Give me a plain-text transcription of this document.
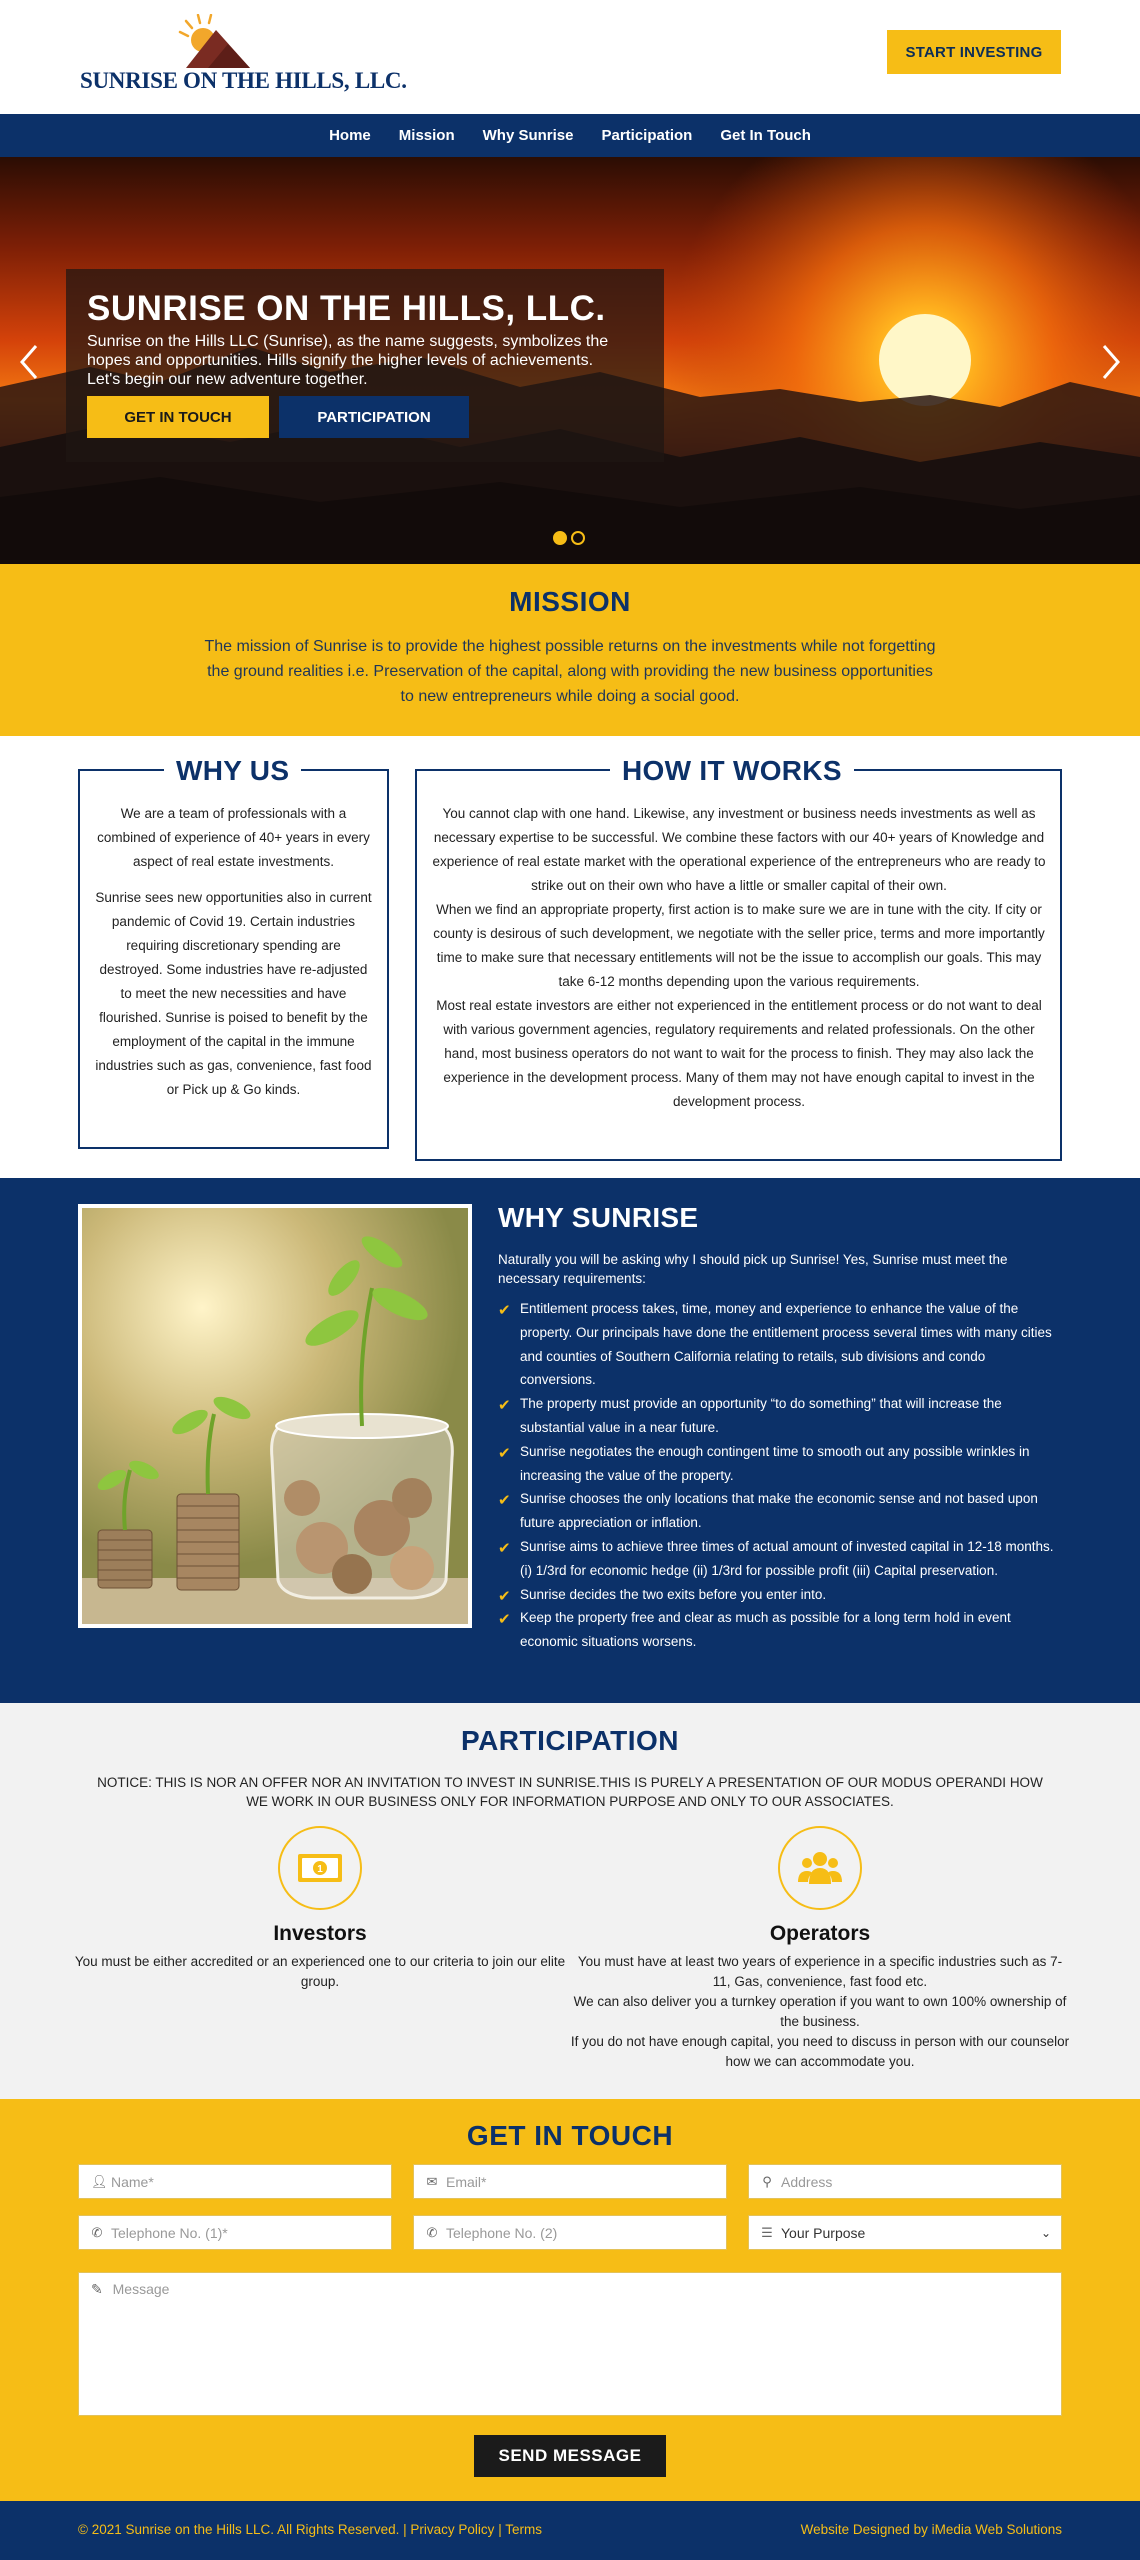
SUNRISE ON THE HILLS, LLC.
START INVESTING
Home	Mission	Why Sunrise	Participation	Get In Touch
SUNRISE ON THE HILLS, LLC.
Sunrise on the Hills LLC (Sunrise), as the name suggests, symbolizes the hopes and opportunities. Hills signify the higher levels of achievements. Let's begin our new adventure together.
GET IN TOUCH	PARTICIPATION
MISSION

The mission of Sunrise is to provide the highest possible returns on the investments while not forgetting the ground realities i.e. Preservation of the capital, along with providing the new business opportunities to new entrepreneurs while doing a social good.

WHY US

We are a team of professionals with a combined of experience of 40+ years in every aspect of real estate investments.

Sunrise sees new opportunities also in current pandemic of Covid 19. Certain industries requiring discretionary spending are destroyed. Some industries have re-adjusted to meet the new necessities and have flourished. Sunrise is poised to benefit by the employment of the capital in the immune industries such as gas, convenience, fast food or Pick up & Go kinds.

HOW IT WORKS

You cannot clap with one hand. Likewise, any investment or business needs investments as well as necessary expertise to be successful. We combine these factors with our 40+ years of Knowledge and experience of real estate market with the operational experience of the entrepreneurs who are ready to strike out on their own who have a little or smaller capital of their own.

When we find an appropriate property, first action is to make sure we are in tune with the city. If city or county is desirous of such development, we negotiate with the seller price, terms and more importantly time to make sure that necessary entitlements will not be the issue to accomplish our goals. This may take 6-12 months depending upon the various requirements.

Most real estate investors are either not experienced in the entitlement process or do not want to deal with various government agencies, regulatory requirements and related professionals. On the other hand, most business operators do not want to wait for the process to finish. They may also lack the experience in the development process. Many of them may not have enough capital to invest in the development process.

WHY SUNRISE

Naturally you will be asking why I should pick up Sunrise! Yes, Sunrise must meet the necessary requirements:

✔ Entitlement process takes, time, money and experience to enhance the value of the property. Our principals have done the entitlement process several times with many cities and counties of Southern California relating to retails, sub divisions and condo conversions.
✔ The property must provide an opportunity “to do something” that will increase the substantial value in a near future.
✔ Sunrise negotiates the enough contingent time to smooth out any possible wrinkles in increasing the value of the property.
✔ Sunrise chooses the only locations that make the economic sense and not based upon future appreciation or inflation.
✔ Sunrise aims to achieve three times of actual amount of invested capital in 12-18 months. (i) 1/3rd for economic hedge (ii) 1/3rd for possible profit (iii) Capital preservation.
✔ Sunrise decides the two exits before you enter into.
✔ Keep the property free and clear as much as possible for a long term hold in event economic situations worsens.
PARTICIPATION

NOTICE: THIS IS NOR AN OFFER NOR AN INVITATION TO INVEST IN SUNRISE.THIS IS PURELY A PRESENTATION OF OUR MODUS OPERANDI HOW WE WORK IN OUR BUSINESS ONLY FOR INFORMATION PURPOSE AND ONLY TO OUR ASSOCIATES.

1
Investors

You must be either accredited or an experienced one to our criteria to join our elite group.

Operators

You must have at least two years of experience in a specific industries such as 7-11, Gas, convenience, fast food etc.
We can also deliver you a turnkey operation if you want to own 100% ownership of the business.
If you do not have enough capital, you need to discuss in person with our counselor how we can accommodate you.

GET IN TOUCH
👤︎ Name*	✉ Email*	⚲ Address
✆ Telephone No. (1)*	✆ Telephone No. (2)	☰ Your Purpose	⌄
✎ Message
SEND MESSAGE
© 2021 Sunrise on the Hills LLC. All Rights Reserved. | Privacy Policy | Terms	Website Designed by iMedia Web Solutions
